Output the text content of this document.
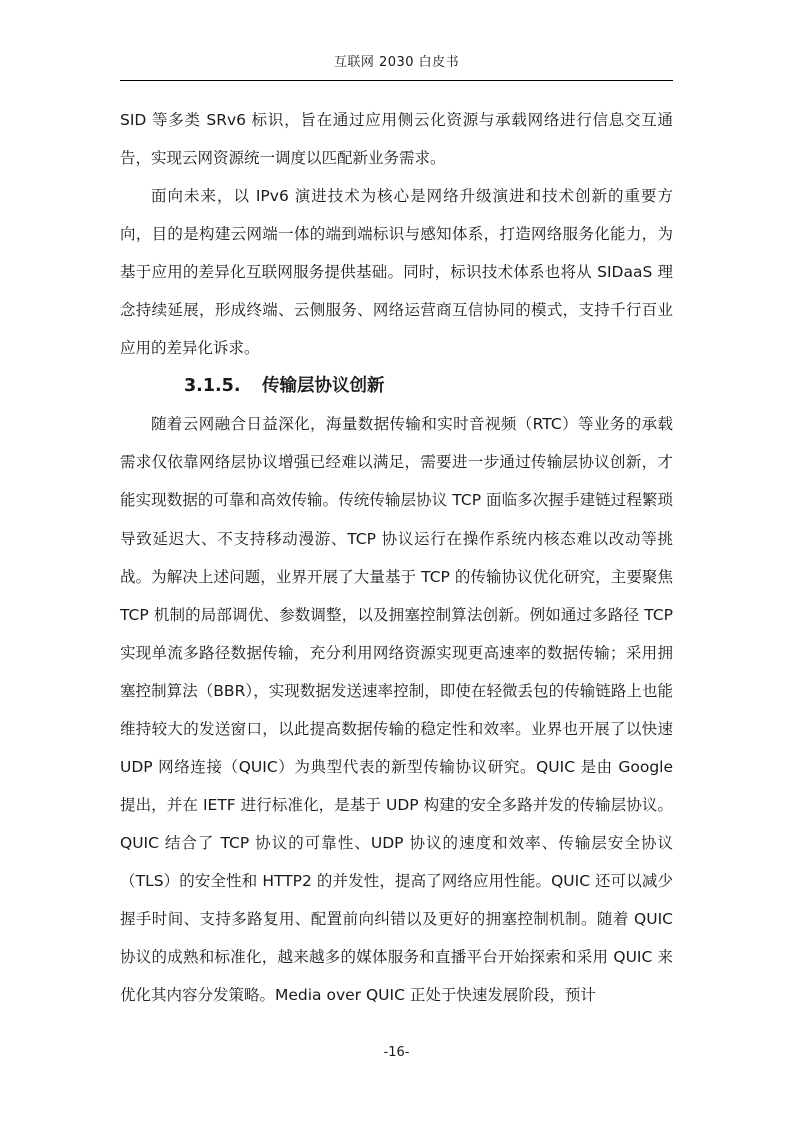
互联网 2030 白皮书

SID 等多类 SRv6 标识，旨在通过应用侧云化资源与承载网络进行信息交互通告，实现云网资源统一调度以匹配新业务需求。

面向未来，以 IPv6 演进技术为核心是网络升级演进和技术创新的重要方向，目的是构建云网端一体的端到端标识与感知体系，打造网络服务化能力，为基于应用的差异化互联网服务提供基础。同时，标识技术体系也将从 SIDaaS 理念持续延展，形成终端、云侧服务、网络运营商互信协同的模式，支持千行百业应用的差异化诉求。

3.1.5. 传输层协议创新

随着云网融合日益深化，海量数据传输和实时音视频（RTC）等业务的承载需求仅依靠网络层协议增强已经难以满足，需要进一步通过传输层协议创新，才能实现数据的可靠和高效传输。传统传输层协议 TCP 面临多次握手建链过程繁琐导致延迟大、不支持移动漫游、TCP 协议运行在操作系统内核态难以改动等挑战。为解决上述问题，业界开展了大量基于 TCP 的传输协议优化研究，主要聚焦 TCP 机制的局部调优、参数调整，以及拥塞控制算法创新。例如通过多路径 TCP 实现单流多路径数据传输，充分利用网络资源实现更高速率的数据传输；采用拥塞控制算法（BBR），实现数据发送速率控制，即使在轻微丢包的传输链路上也能维持较大的发送窗口，以此提高数据传输的稳定性和效率。业界也开展了以快速 UDP 网络连接（QUIC）为典型代表的新型传输协议研究。QUIC 是由 Google 提出，并在 IETF 进行标准化，是基于 UDP 构建的安全多路并发的传输层协议。QUIC 结合了 TCP 协议的可靠性、UDP 协议的速度和效率、传输层安全协议（TLS）的安全性和 HTTP2 的并发性，提高了网络应用性能。QUIC 还可以减少握手时间、支持多路复用、配置前向纠错以及更好的拥塞控制机制。随着 QUIC 协议的成熟和标准化，越来越多的媒体服务和直播平台开始探索和采用 QUIC 来优化其内容分发策略。Media over QUIC 正处于快速发展阶段，预计

-16-
